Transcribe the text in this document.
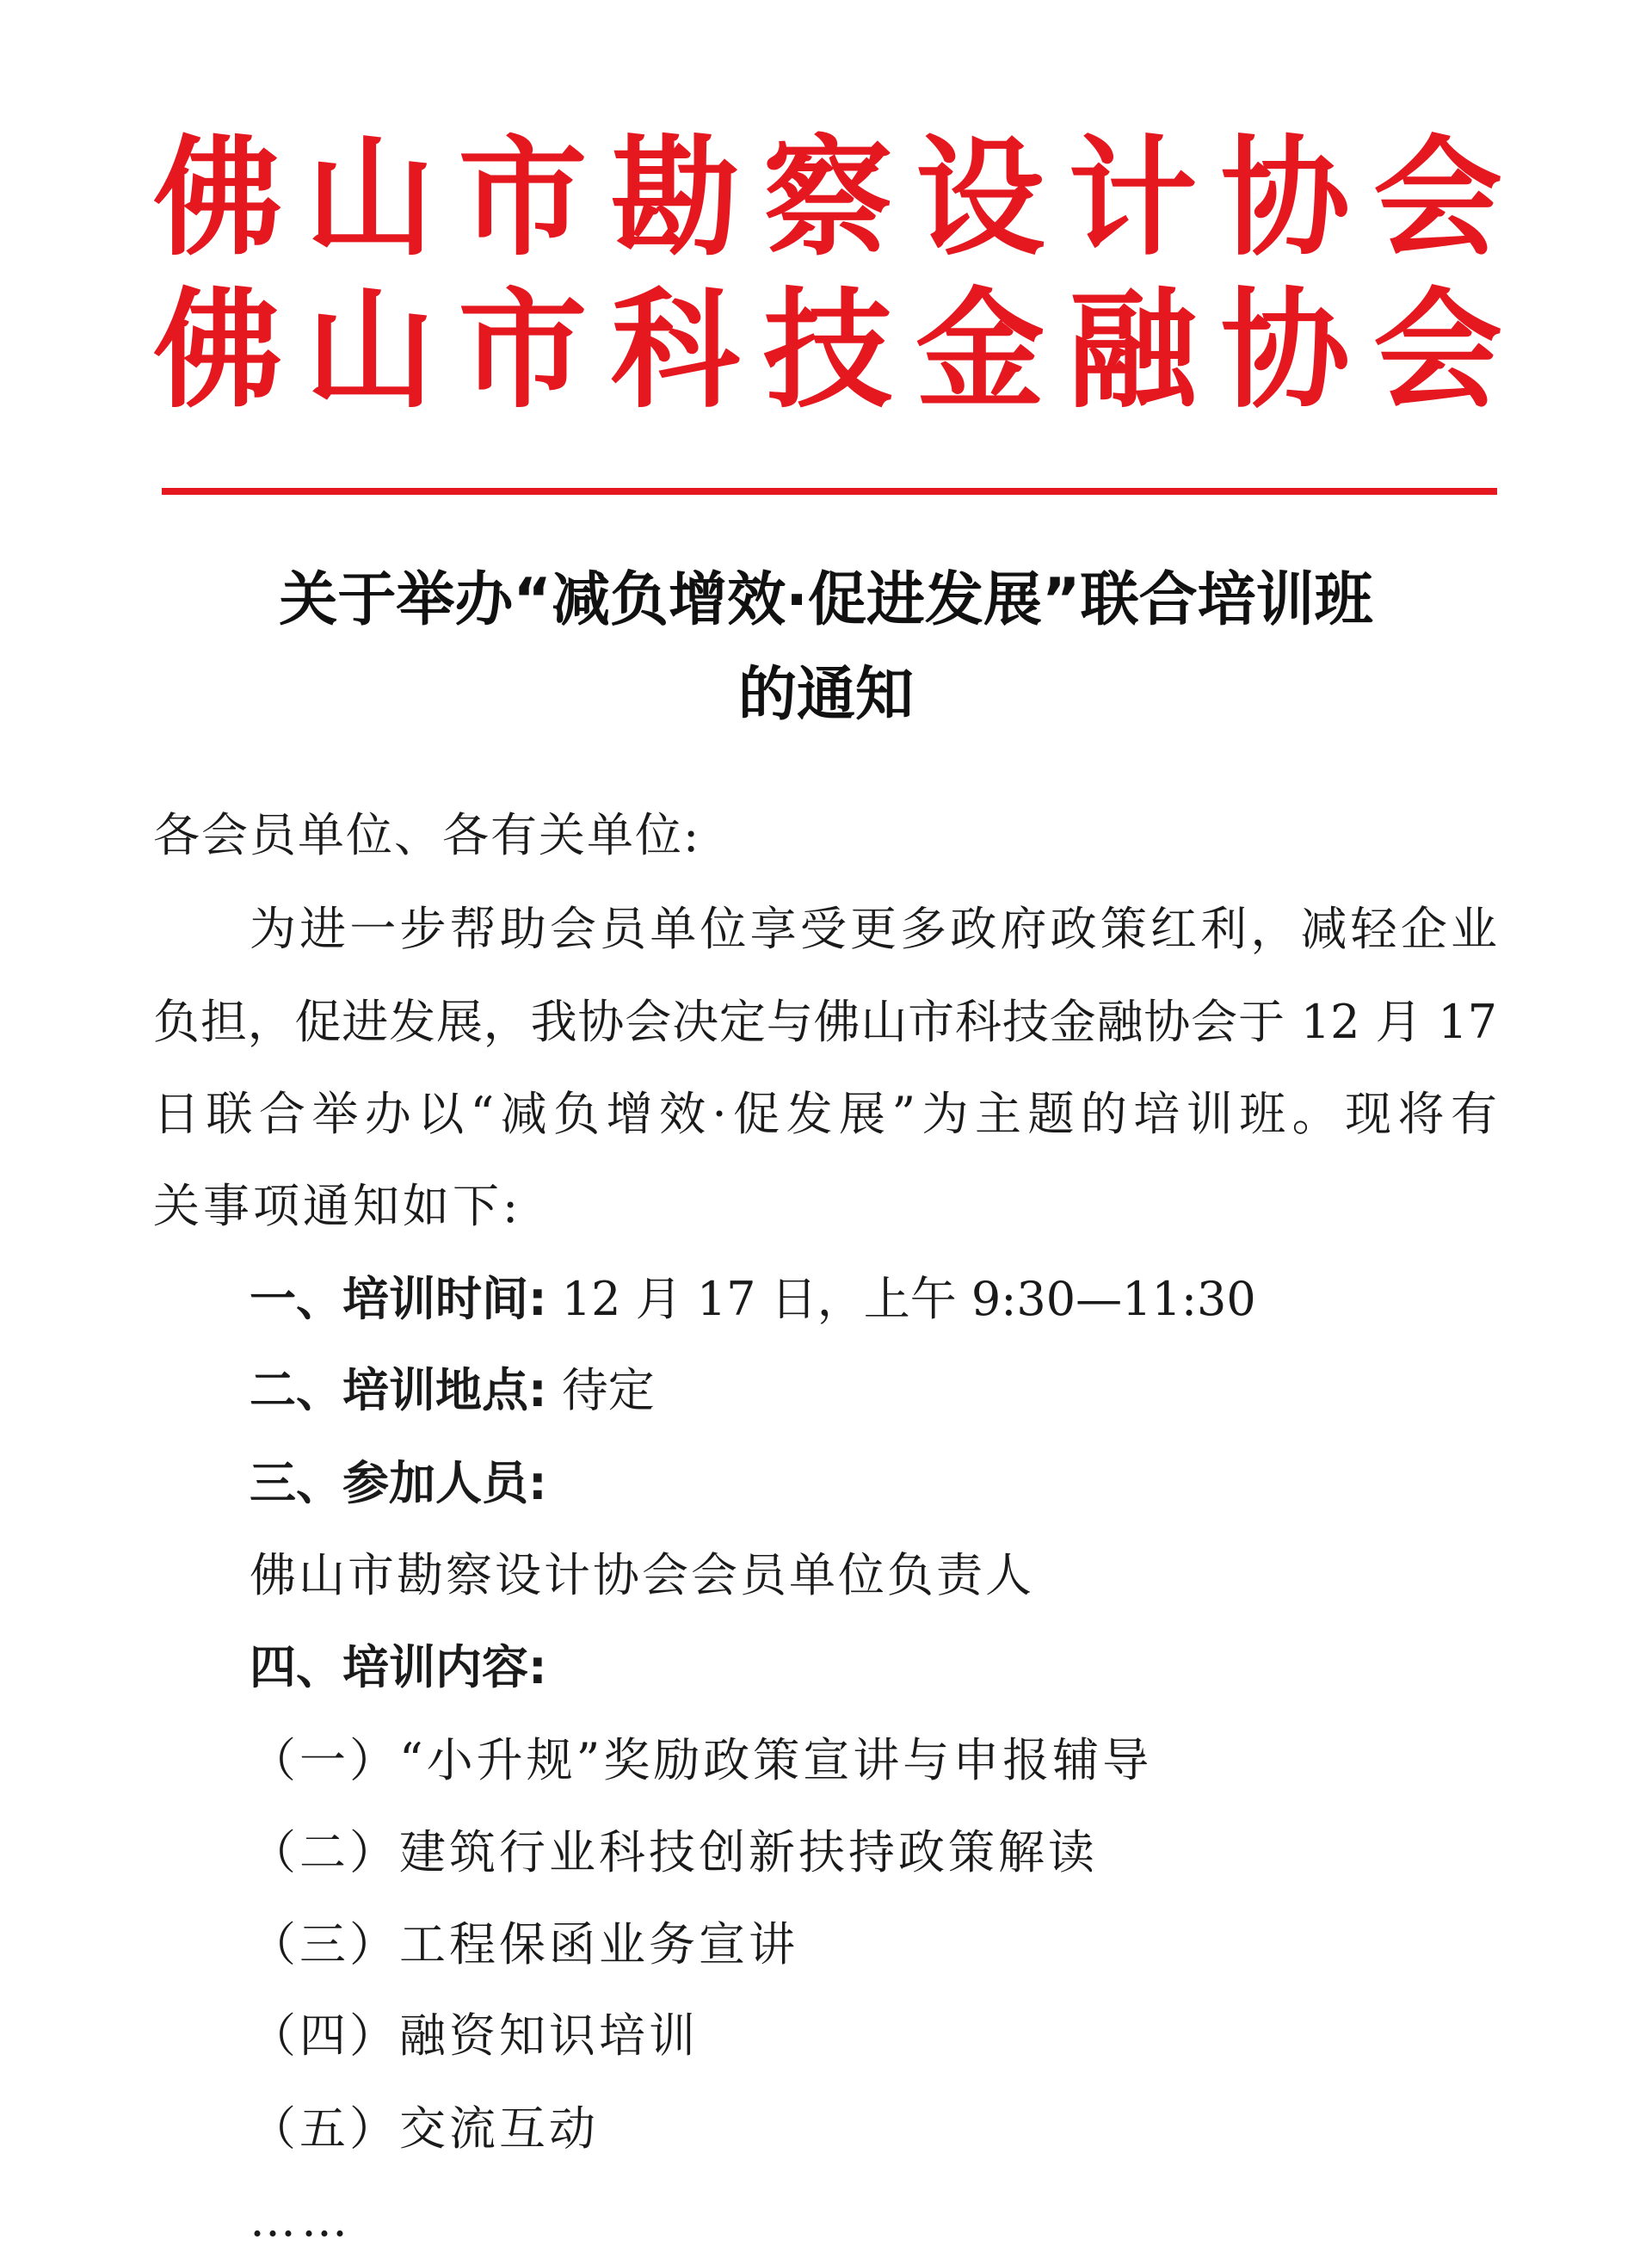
佛山市勘察设计协会
佛山市科技金融协会
关于举办“减负增效·促进发展”联合培训班
的通知
各会员单位、各有关单位:
为进一步帮助会员单位享受更多政府政策红利，减轻企业
负担，促进发展，我协会决定与佛山市科技金融协会于 12 月 17
日联合举办以“减负增效·促发展”为主题的培训班。现将有
关事项通知如下:
一、培训时间: 12 月 17 日，上午 9:30—11:30
二、培训地点: 待定
三、参加人员:
佛山市勘察设计协会会员单位负责人
四、培训内容:
（一）“小升规”奖励政策宣讲与申报辅导
（二）建筑行业科技创新扶持政策解读
（三）工程保函业务宣讲
（四）融资知识培训
（五）交流互动
……
